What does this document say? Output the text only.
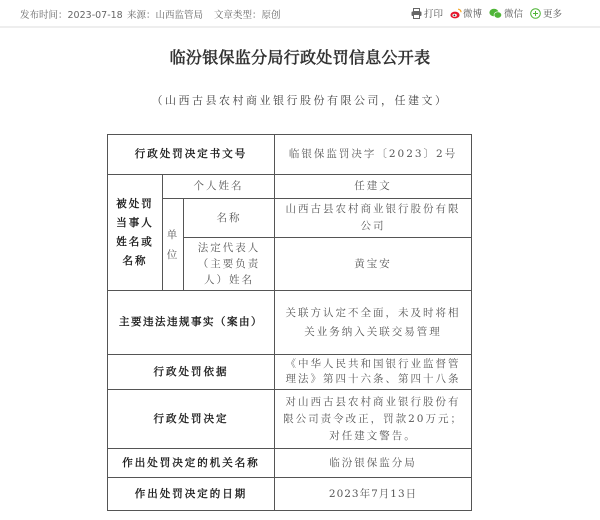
发布时间：2023-07-18 来源：山西监管局 文章类型：原创	打印 微博 微信 更多
临汾银保监分局行政处罚信息公开表
（山西古县农村商业银行股份有限公司，任建文）
行政处罚决定书文号			临银保监罚决字〔2023〕2号
被处罚当事人姓名或名称	个人姓名		任建文
	单位	名称	山西古县农村商业银行股份有限公司
		法定代表人（主要负责人）姓名	黄宝安
主要违法违规事实（案由）			关联方认定不全面，未及时将相关业务纳入关联交易管理
行政处罚依据			《中华人民共和国银行业监督管理法》第四十六条、第四十八条
行政处罚决定			对山西古县农村商业银行股份有限公司责令改正，罚款20万元；
对任建文警告。
作出处罚决定的机关名称			临汾银保监分局
作出处罚决定的日期			2023年7月13日
